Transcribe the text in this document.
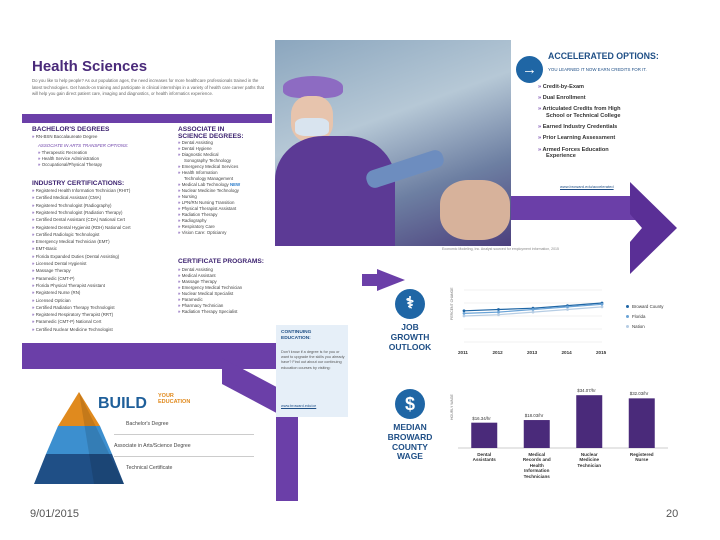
Health Sciences
Do you like to help people? As our population ages, the need increases for more healthcare professionals trained in the latest technologies. Get hands-on training and participate in clinical internships in a variety of health care career paths that will help you gain direct patient care, imaging and diagnostics, or health informatics experience.
Economic Modeling, Inc. Analyst sourced for employment information, 2015
BACHELOR'S DEGREES
» RN-BSN Baccalaureate Degree
ASSOCIATE IN ARTS TRANSFER OPTIONS:
» Therapeutic Recreation
» Health Service Administration
» Occupational/Physical Therapy
INDUSTRY CERTIFICATIONS:
ASSOCIATE IN
SCIENCE DEGREES:
CERTIFICATE PROGRAMS:
→
ACCELERATED OPTIONS:
YOU LEARNED IT NOW EARN CREDITS FOR IT.
www.broward.edu/accelerated
⚕
JOB
GROWTH
OUTLOOK
PERCENT CHANGE
$
MEDIAN
BROWARD
COUNTY
WAGE
HOURLY WAGE
CONTINUING
EDUCATION:
Don't know if a degree is for you or want to upgrade the skills you already have? Find out about our continuing education courses by visiting:
www.broward.edu/ce
BUILD YOUR
EDUCATION
Bachelor's Degree
Associate in Arts/Science Degree
Technical Certificate
» Registered Health Information Technician (RHIT)
» Certified Medical Assistant (CMA)
» Registered Technologist (Radiography)
» Registered Technologist (Radiation Therapy)
» Certified Dental Assistant (CDA) National Cert
» Registered Dental Hygienist (RDH) National Cert
» Certified Radiologic Technologist
» Emergency Medical Technician (EMT)
» EMT-Basic
» Florida Expanded Duties (Dental Assisting)
» Licensed Dental Hygienist
» Massage Therapy
» Paramedic (CMT-P)
» Florida Physical Therapist Assistant
» Registered Nurse (RN)
» Licensed Optician
» Certified Radiation Therapy Technologist
» Registered Respiratory Therapist (RRT)
» Paramedic (CMT-P) National Cert
» Certified Nuclear Medicine Technologist
» Dental Assisting
» Dental Hygiene
» Diagnostic Medical
Sonography Technology
» Emergency Medical Services
» Health Information
Technology Management
» Medical Lab Technology NEW
» Nuclear Medicine Technology
» Nursing
» LPN/RN Nursing Transition
» Physical Therapist Assistant
» Radiation Therapy
» Radiography
» Respiratory Care
» Vision Care: Opticianry
» Dental Assisting
» Medical Assistant
» Massage Therapy
» Emergency Medical Technician
» Nuclear Medical Specialist
» Paramedic
» Pharmacy Technician
» Radiation Therapy Specialist
» Credit-by-Exam
» Dual Enrollment
» Articulated Credits from High
School or Technical College
» Earned Industry Credentials
» Prior Learning Assessment
» Armed Forces Education
Experience
2011	2012	2013	2014	2015
Broward County
Florida
Nation
$16.34/hr
Dental
Assistants

$18.03/hr
Medical
Records and
Health
Information
Technicians

$34.07/hr
Nuclear
Medicine
Technician

$32.03/hr
Registered
Nurse

9/01/2015	20
